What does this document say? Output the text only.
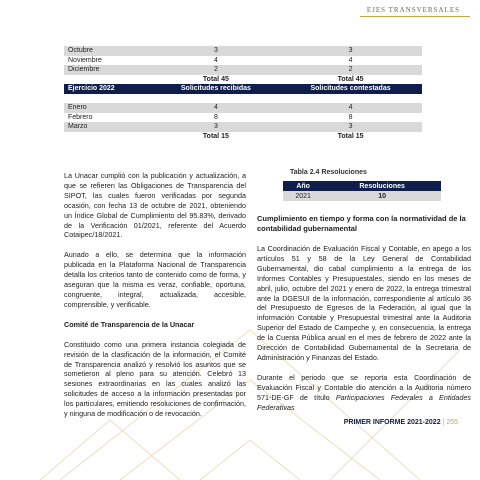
EJES TRANSVERSALES
Octubre	3	3
Noviembre	4	4
Diciembre	2	2
	Total 45	Total 45
Ejercicio 2022	Solicitudes recibidas	Solicitudes contestadas

Enero	4	4
Febrero	8	8
Marzo	3	3
	Total 15	Total 15

La Unacar cumplió con la publicación y actualización, a que se refieren las Obligaciones de Transparencia del SIPOT, las cuales fueron verificadas por segunda ocasión, con fecha 13 de octubre de 2021, obteniendo un Índice Global de Cumplimiento del 95.83%, derivado de la Verificación 01/2021, referente del Acuerdo Cotaipec/18/2021.

Aunado a ello, se determina que la información publicada en la Plataforma Nacional de Transparencia detalla los criterios tanto de contenido como de forma, y aseguran que la misma es veraz, confiable, oportuna, congruente, integral, actualizada, accesible, comprensible, y verificable.

Comité de Transparencia de la Unacar

Constituido como una primera instancia colegiada de revisión de la clasificación de la información, el Comité de Transparencia analizó y resolvió los asuntos que se sometieron al pleno para su atención. Celebró 13 sesiones extraordinarias en las cuales analizó las solicitudes de acceso a la información presentadas por los particulares, emitiendo resoluciones de confirmación, y ninguna de modificación o de revocación.

Tabla 2.4 Resoluciones
Año	Resoluciones
2021	10
Cumplimiento en tiempo y forma con la normatividad de la contabilidad gubernamental

La Coordinación de Evaluación Fiscal y Contable, en apego a los artículos 51 y 58 de la Ley General de Contabilidad Gubernamental, dio cabal cumplimiento a la entrega de los Informes Contables y Presupuestales, siendo en los meses de abril, julio, octubre del 2021 y enero de 2022, la entrega trimestral ante la DGESUI de la información, correspondiente al artículo 36 del Presupuesto de Egresos de la Federación, al igual que la información Contable y Presupuestal trimestral ante la Auditoria Superior del Estado de Campeche y, en consecuencia, la entrega de la Cuenta Pública anual en el mes de febrero de 2022 ante la Dirección de Contabilidad Gubernamental de la Secretaria de Administración y Finanzas del Estado.

Durante el periodo que se reporta esta Coordinación de Evaluación Fiscal y Contable dio atención a la Auditoria número 571-DE-GF de título Participaciones Federales a Entidades Federativas

PRIMER INFORME 2021-2022 | 255
